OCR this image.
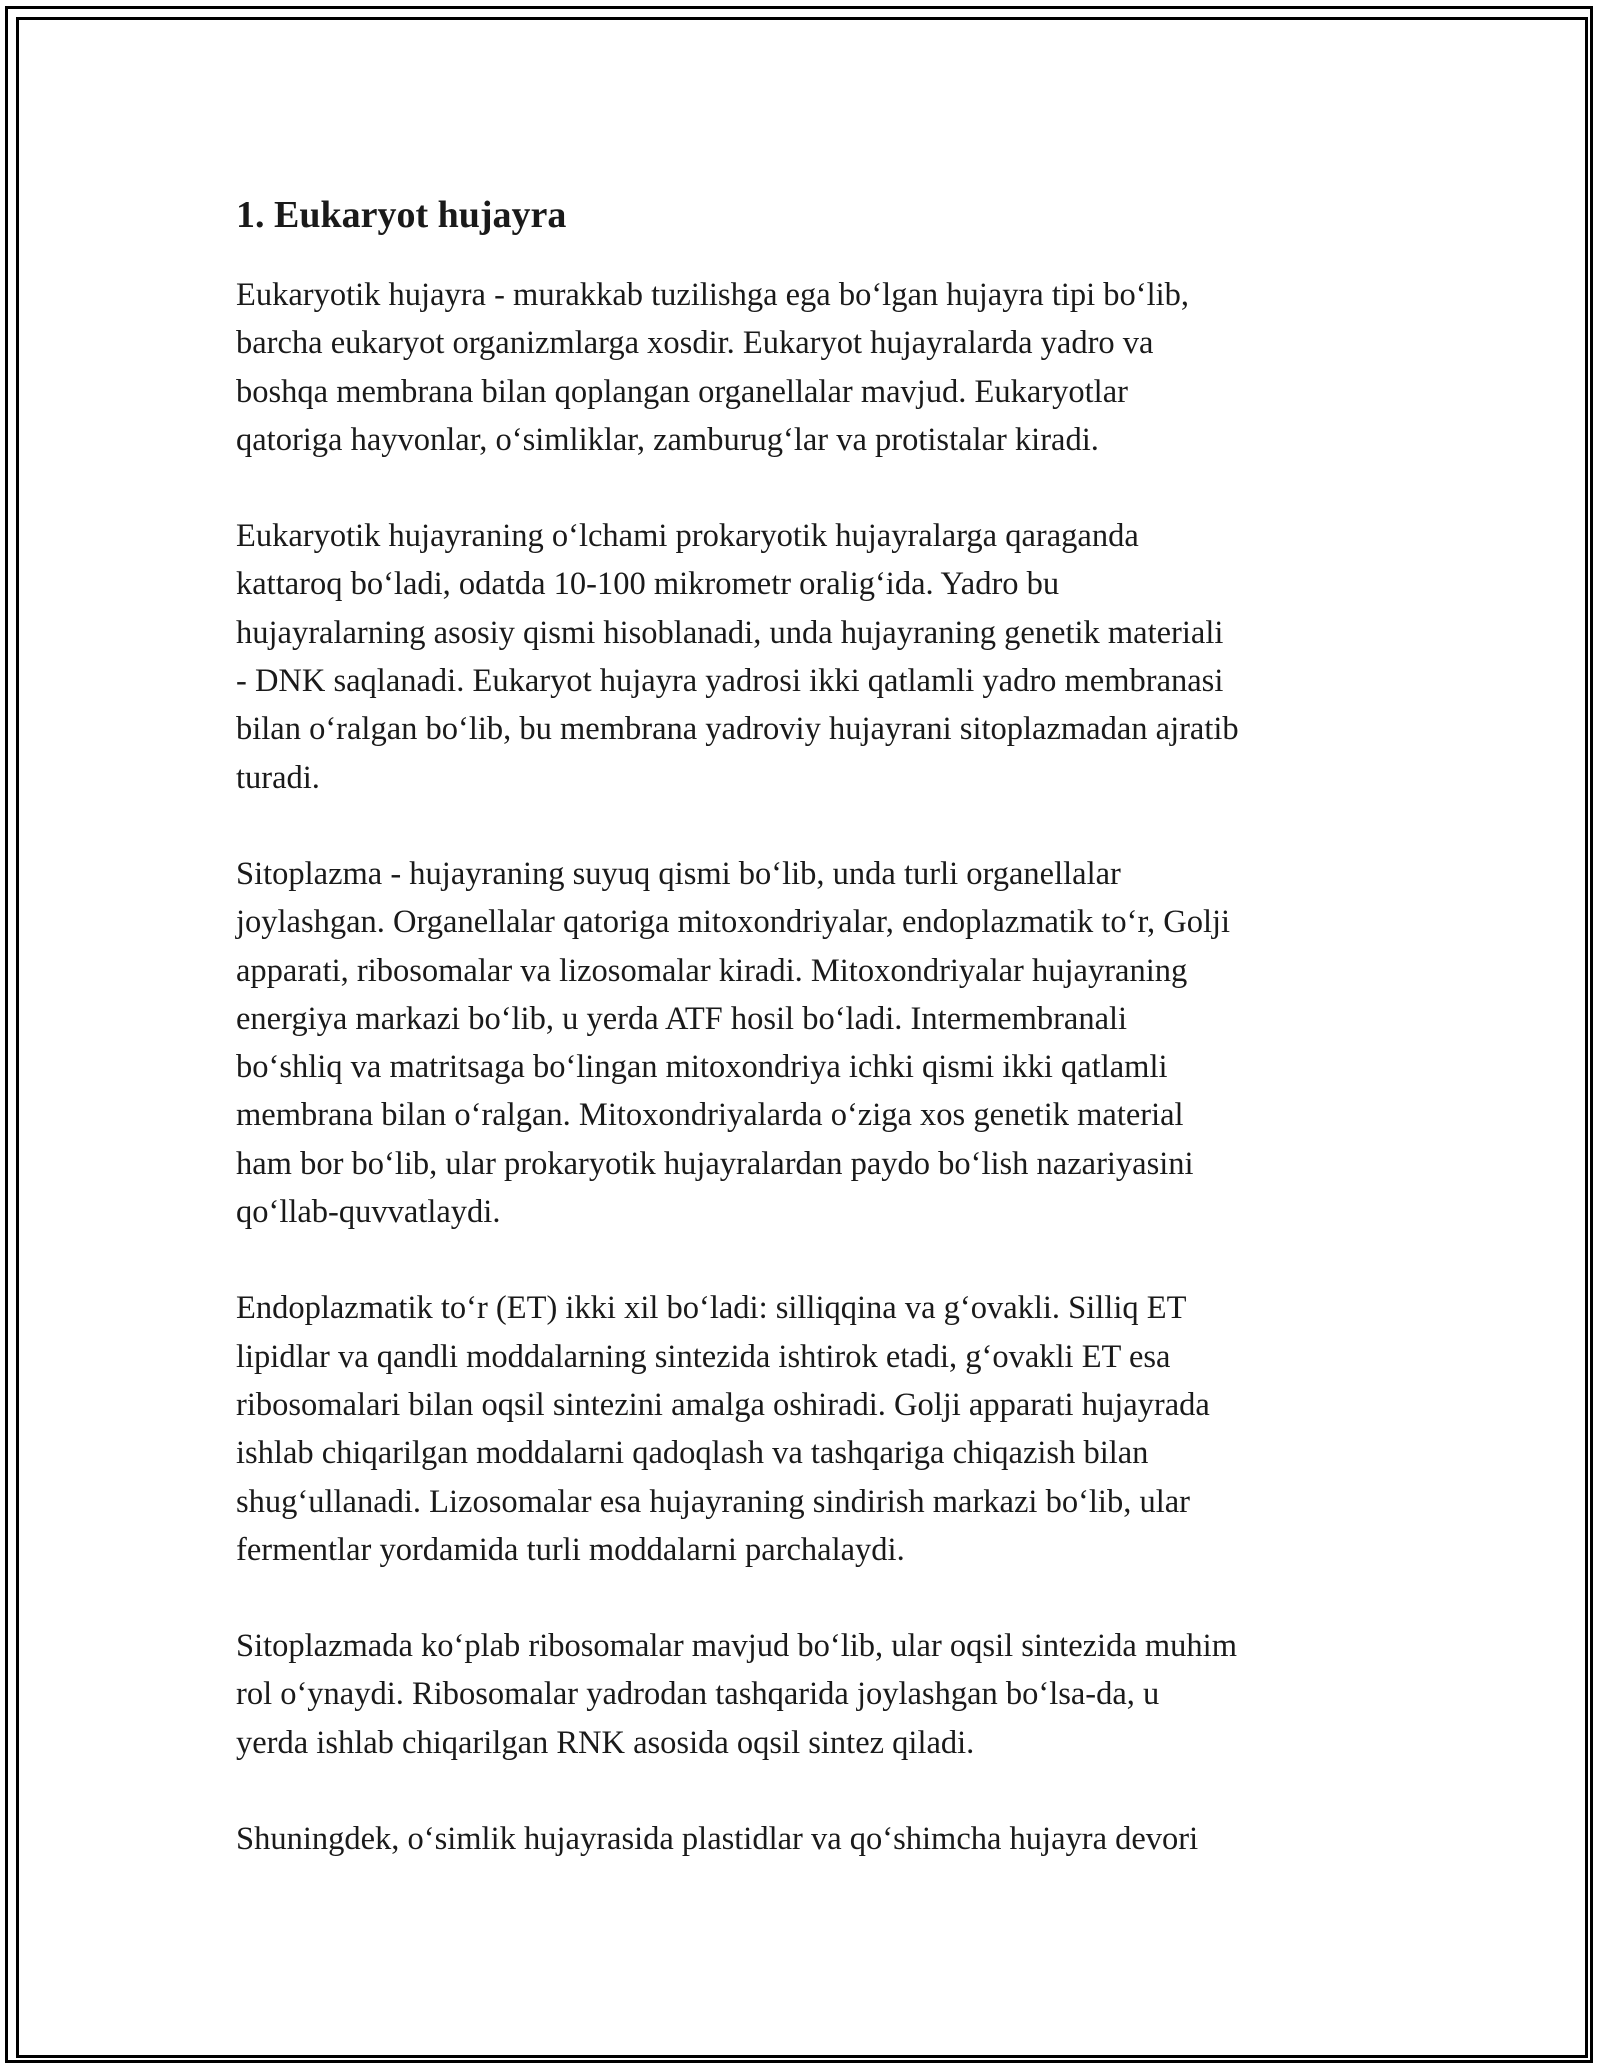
1. Eukaryot hujayra

Eukaryotik hujayra - murakkab tuzilishga ega bo‘lgan hujayra tipi bo‘lib,
barcha eukaryot organizmlarga xosdir. Eukaryot hujayralarda yadro va
boshqa membrana bilan qoplangan organellalar mavjud. Eukaryotlar
qatoriga hayvonlar, o‘simliklar, zamburug‘lar va protistalar kiradi.

Eukaryotik hujayraning o‘lchami prokaryotik hujayralarga qaraganda
kattaroq bo‘ladi, odatda 10-100 mikrometr oralig‘ida. Yadro bu
hujayralarning asosiy qismi hisoblanadi, unda hujayraning genetik materiali
- DNK saqlanadi. Eukaryot hujayra yadrosi ikki qatlamli yadro membranasi
bilan o‘ralgan bo‘lib, bu membrana yadroviy hujayrani sitoplazmadan ajratib
turadi.

Sitoplazma - hujayraning suyuq qismi bo‘lib, unda turli organellalar
joylashgan. Organellalar qatoriga mitoxondriyalar, endoplazmatik to‘r, Golji
apparati, ribosomalar va lizosomalar kiradi. Mitoxondriyalar hujayraning
energiya markazi bo‘lib, u yerda ATF hosil bo‘ladi. Intermembranali
bo‘shliq va matritsaga bo‘lingan mitoxondriya ichki qismi ikki qatlamli
membrana bilan o‘ralgan. Mitoxondriyalarda o‘ziga xos genetik material
ham bor bo‘lib, ular prokaryotik hujayralardan paydo bo‘lish nazariyasini
qo‘llab-quvvatlaydi.

Endoplazmatik to‘r (ET) ikki xil bo‘ladi: silliqqina va g‘ovakli. Silliq ET
lipidlar va qandli moddalarning sintezida ishtirok etadi, g‘ovakli ET esa
ribosomalari bilan oqsil sintezini amalga oshiradi. Golji apparati hujayrada
ishlab chiqarilgan moddalarni qadoqlash va tashqariga chiqazish bilan
shug‘ullanadi. Lizosomalar esa hujayraning sindirish markazi bo‘lib, ular
fermentlar yordamida turli moddalarni parchalaydi.

Sitoplazmada ko‘plab ribosomalar mavjud bo‘lib, ular oqsil sintezida muhim
rol o‘ynaydi. Ribosomalar yadrodan tashqarida joylashgan bo‘lsa-da, u
yerda ishlab chiqarilgan RNK asosida oqsil sintez qiladi.

Shuningdek, o‘simlik hujayrasida plastidlar va qo‘shimcha hujayra devori
